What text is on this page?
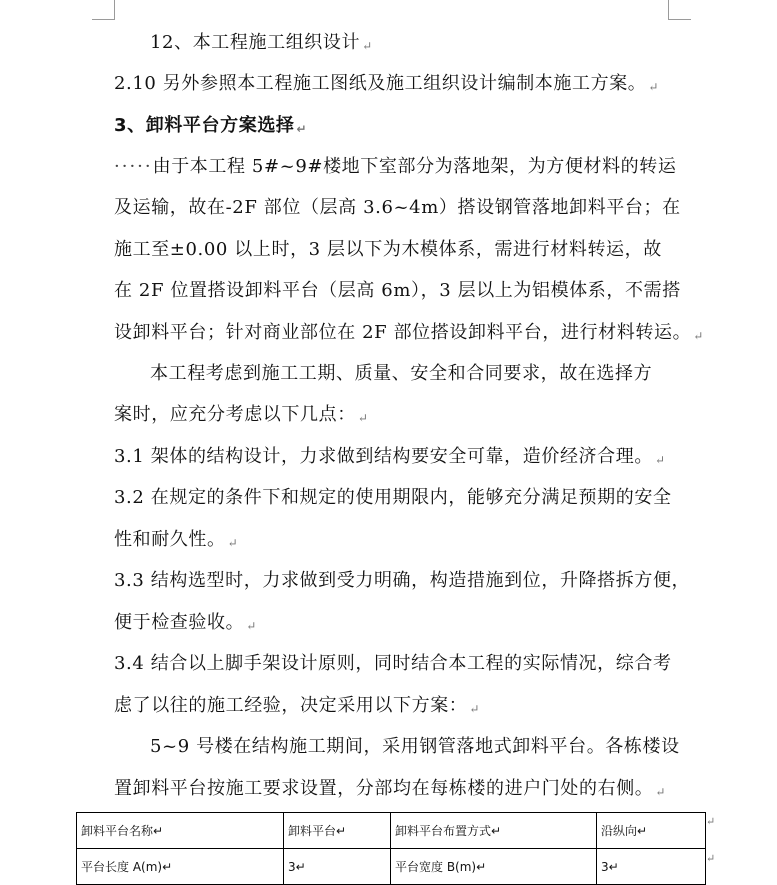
12、本工程施工组织设计 ↵
2.10 另外参照本工程施工图纸及施工组织设计编制本施工方案。 ↵
3、卸料平台方案选择 ↵
·····由于本工程 5#~9#楼地下室部分为落地架，为方便材料的转运
及运输，故在-2F 部位（层高 3.6~4m）搭设钢管落地卸料平台；在
施工至±0.00 以上时，3 层以下为木模体系，需进行材料转运，故
在 2F 位置搭设卸料平台（层高 6m），3 层以上为铝模体系，不需搭
设卸料平台；针对商业部位在 2F 部位搭设卸料平台，进行材料转运。 ↵
本工程考虑到施工工期、质量、安全和合同要求，故在选择方
案时，应充分考虑以下几点： ↵
3.1 架体的结构设计，力求做到结构要安全可靠，造价经济合理。 ↵
3.2 在规定的条件下和规定的使用期限内，能够充分满足预期的安全
性和耐久性。 ↵
3.3 结构选型时，力求做到受力明确，构造措施到位，升降搭拆方便，
便于检查验收。 ↵
3.4 结合以上脚手架设计原则，同时结合本工程的实际情况，综合考
虑了以往的施工经验，决定采用以下方案： ↵
5~9 号楼在结构施工期间，采用钢管落地式卸料平台。各栋楼设
置卸料平台按施工要求设置，分部均在每栋楼的进户门处的右侧。 ↵
卸料平台名称↵	卸料平台↵	卸料平台布置方式↵	沿纵向↵
平台长度 A(m)↵	3↵	平台宽度 B(m)↵	3↵
↵
↵
